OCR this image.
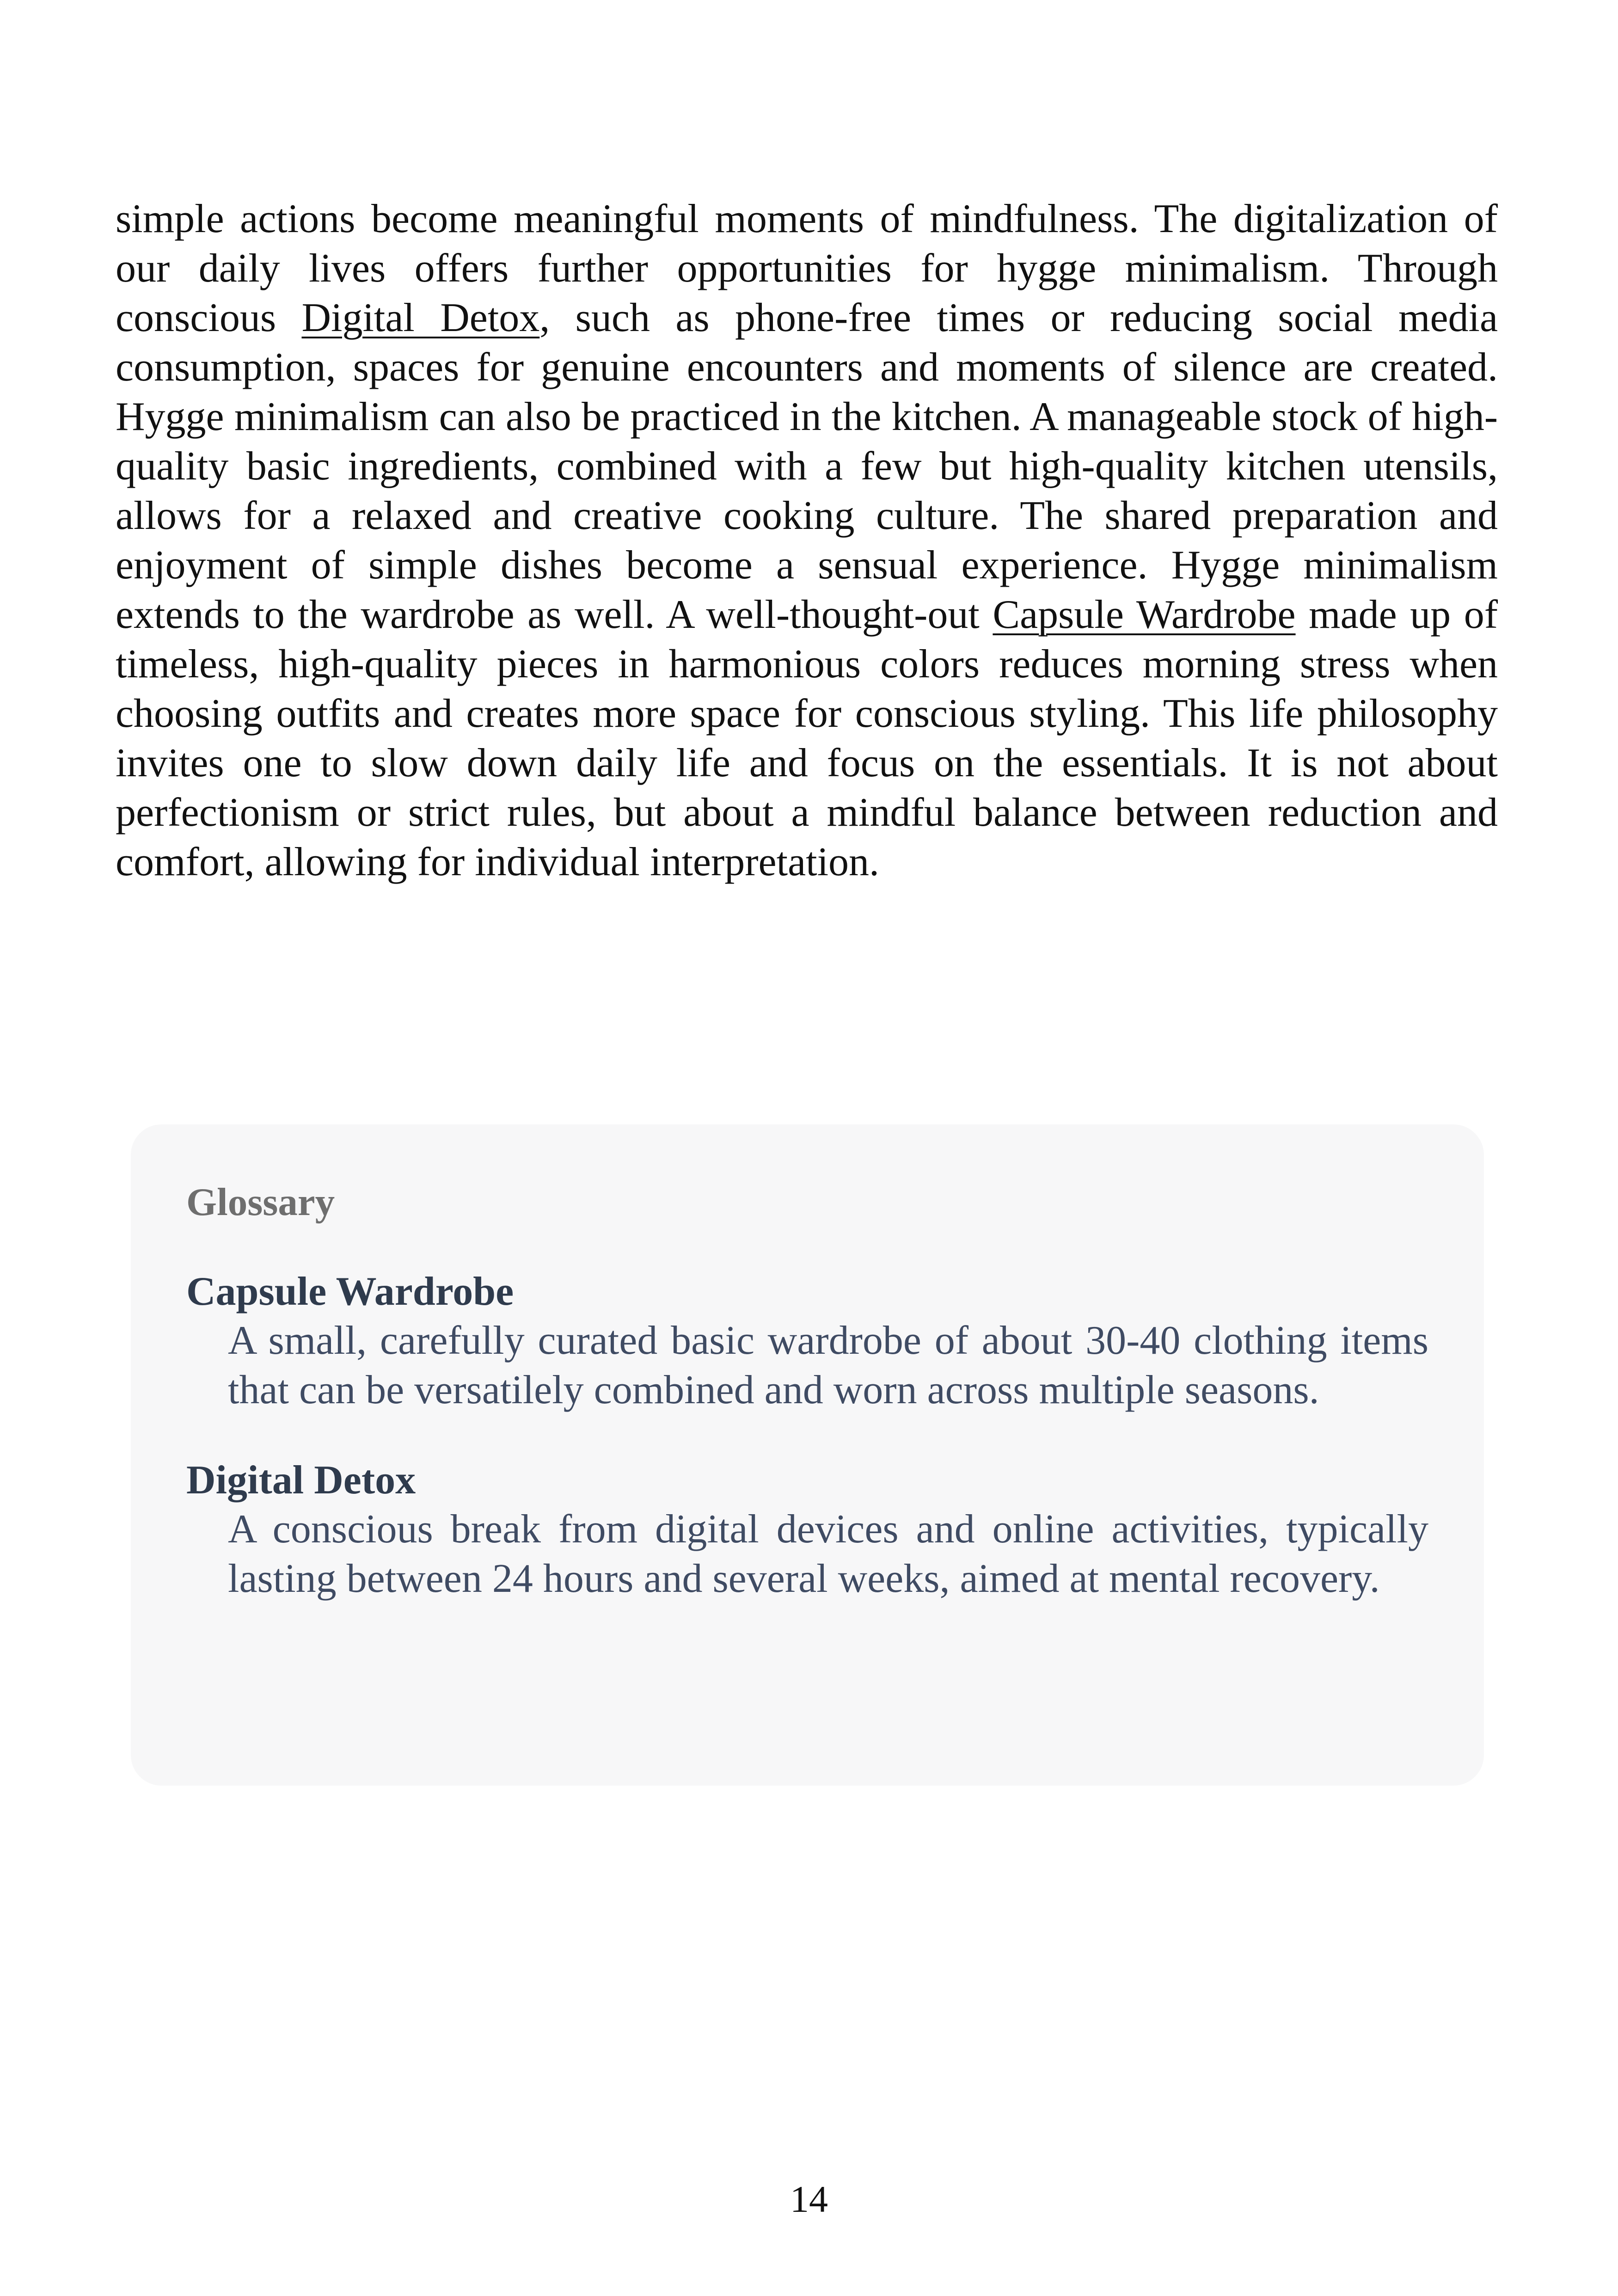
simple actions become meaningful moments of mindfulness. The digitalization of our daily lives offers further opportunities for hygge minimalism. Through conscious Digital Detox, such as phone-free times or reducing social media consumption, spaces for genuine encounters and moments of silence are created. Hygge minimalism can also be practiced in the kitchen. A manageable stock of high-quality basic ingredients, combined with a few but high-quality kitchen utensils, allows for a relaxed and creative cooking culture. The shared preparation and enjoyment of simple dishes become a sensual experience. Hygge minimalism extends to the wardrobe as well. A well-thought-out Capsule Wardrobe made up of timeless, high-quality pieces in harmonious colors reduces morning stress when choosing outfits and creates more space for conscious styling. This life philosophy invites one to slow down daily life and focus on the essentials. It is not about perfectionism or strict rules, but about a mindful balance between reduction and comfort, allowing for individual interpretation.

Glossary

Capsule Wardrobe

A small, carefully curated basic wardrobe of about 30-40 clothing items that can be versatilely combined and worn across multiple seasons.

Digital Detox

A conscious break from digital devices and online activities, typically lasting between 24 hours and several weeks, aimed at mental recovery.

14
